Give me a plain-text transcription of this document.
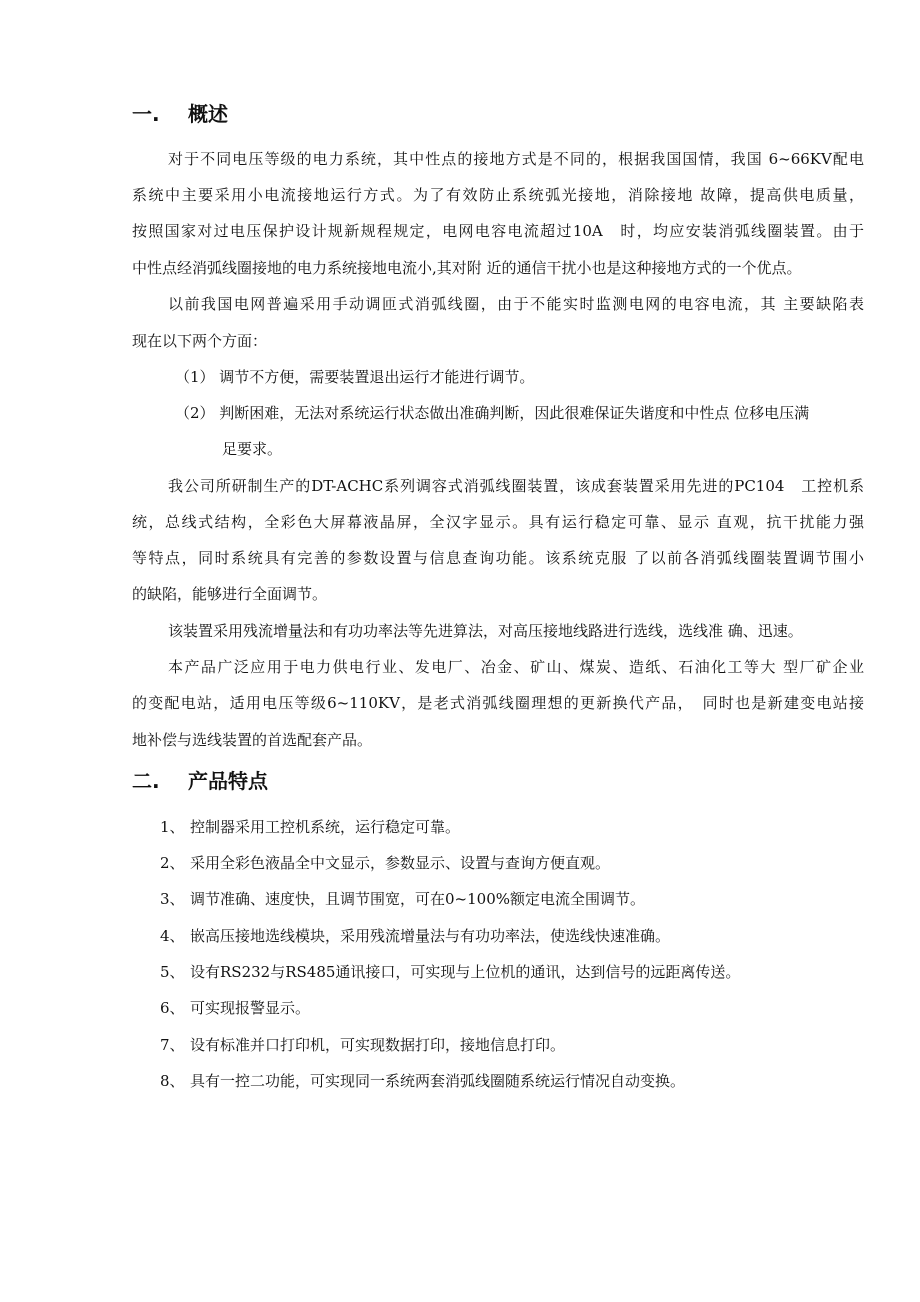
一. 概述
对于不同电压等级的电力系统，其中性点的接地方式是不同的，根据我国国情，我国 6~66KV配电
系统中主要采用小电流接地运行方式。为了有效防止系统弧光接地，消除接地 故障，提高供电质量，
按照国家对过电压保护设计规新规程规定，电网电容电流超过10A　时，均应安装消弧线圈装置。由于
中性点经消弧线圈接地的电力系统接地电流小,其对附 近的通信干扰小也是这种接地方式的一个优点。
以前我国电网普遍采用手动调匝式消弧线圈，由于不能实时监测电网的电容电流，其 主要缺陷表
现在以下两个方面：
（1） 调节不方便，需要装置退出运行才能进行调节。
（2） 判断困难，无法对系统运行状态做出准确判断，因此很难保证失谐度和中性点 位移电压满
足要求。
我公司所研制生产的DT-ACHC系列调容式消弧线圈装置，该成套装置采用先进的PC104　工控机系
统，总线式结构，全彩色大屏幕液晶屏，全汉字显示。具有运行稳定可靠、显示 直观，抗干扰能力强
等特点，同时系统具有完善的参数设置与信息查询功能。该系统克服 了以前各消弧线圈装置调节围小
的缺陷，能够进行全面调节。
该装置采用残流增量法和有功功率法等先进算法，对高压接地线路进行选线，选线准 确、迅速。
本产品广泛应用于电力供电行业、发电厂、冶金、矿山、煤炭、造纸、石油化工等大 型厂矿企业
的变配电站，适用电压等级6~110KV，是老式消弧线圈理想的更新换代产品，　同时也是新建变电站接
地补偿与选线装置的首选配套产品。
二. 产品特点
1、 控制器采用工控机系统，运行稳定可靠。
2、 采用全彩色液晶全中文显示，参数显示、设置与查询方便直观。
3、 调节准确、速度快，且调节围宽，可在0~100%额定电流全围调节。
4、 嵌高压接地选线模块，采用残流增量法与有功功率法，使选线快速准确。
5、 设有RS232与RS485通讯接口，可实现与上位机的通讯，达到信号的远距离传送。
6、 可实现报警显示。
7、 设有标准并口打印机，可实现数据打印，接地信息打印。
8、 具有一控二功能，可实现同一系统两套消弧线圈随系统运行情况自动变换。
